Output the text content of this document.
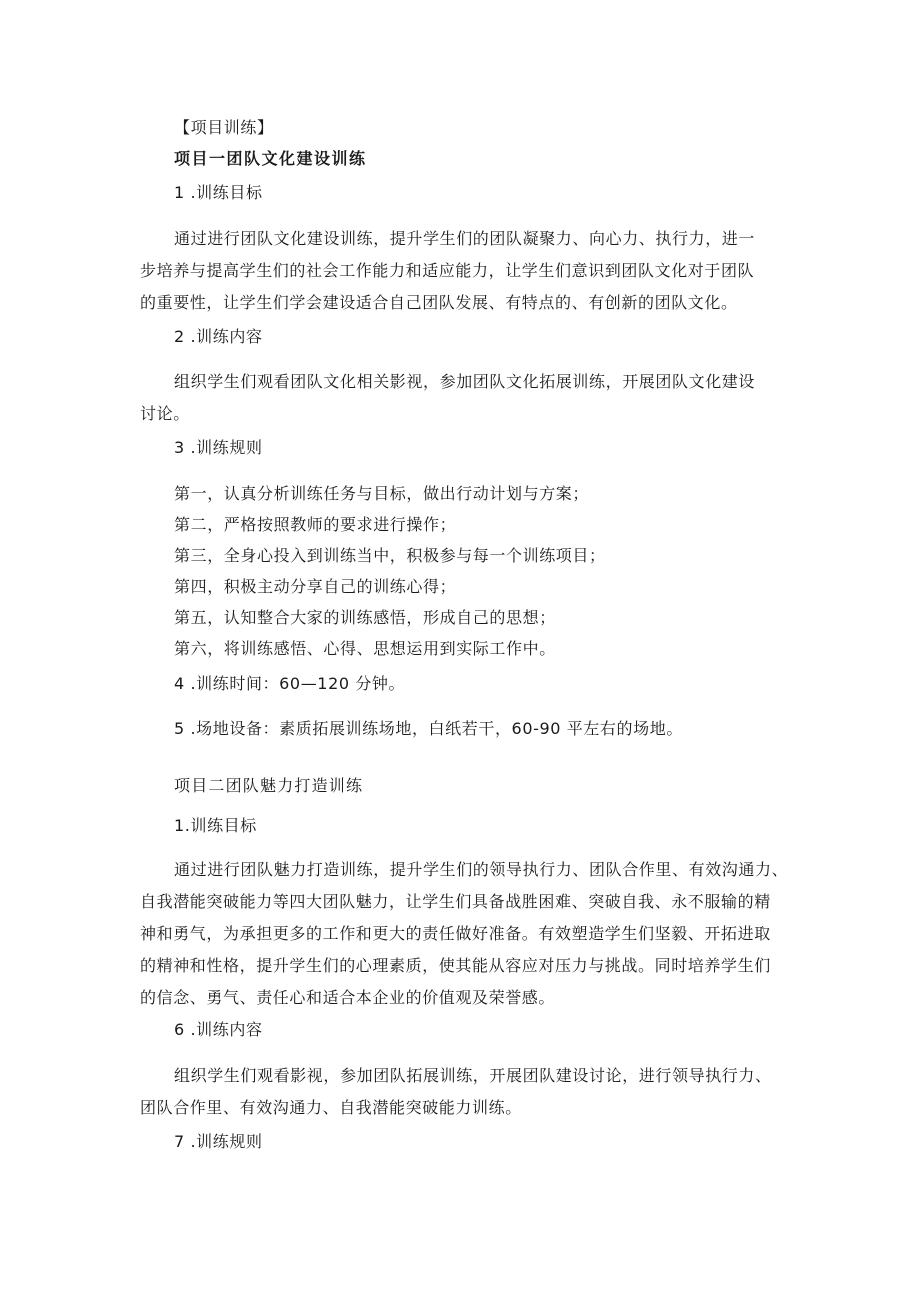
【项目训练】

项目一团队文化建设训练

1 .训练目标

通过进行团队文化建设训练，提升学生们的团队凝聚力、向心力、执行力，进一

步培养与提高学生们的社会工作能力和适应能力，让学生们意识到团队文化对于团队

的重要性，让学生们学会建设适合自己团队发展、有特点的、有创新的团队文化。

2 .训练内容

组织学生们观看团队文化相关影视，参加团队文化拓展训练，开展团队文化建设

讨论。

3 .训练规则

第一，认真分析训练任务与目标，做出行动计划与方案；

第二，严格按照教师的要求进行操作；

第三，全身心投入到训练当中，积极参与每一个训练项目；

第四，积极主动分享自己的训练心得；

第五，认知整合大家的训练感悟，形成自己的思想；

第六，将训练感悟、心得、思想运用到实际工作中。

4 .训练时间：60—120 分钟。

5 .场地设备：素质拓展训练场地，白纸若干，60-90 平左右的场地。

项目二团队魅力打造训练

1.训练目标

通过进行团队魅力打造训练，提升学生们的领导执行力、团队合作里、有效沟通力、

自我潜能突破能力等四大团队魅力，让学生们具备战胜困难、突破自我、永不服输的精

神和勇气，为承担更多的工作和更大的责任做好准备。有效塑造学生们坚毅、开拓进取

的精神和性格，提升学生们的心理素质，使其能从容应对压力与挑战。同时培养学生们

的信念、勇气、责任心和适合本企业的价值观及荣誉感。

6 .训练内容

组织学生们观看影视，参加团队拓展训练，开展团队建设讨论，进行领导执行力、

团队合作里、有效沟通力、自我潜能突破能力训练。

7 .训练规则
